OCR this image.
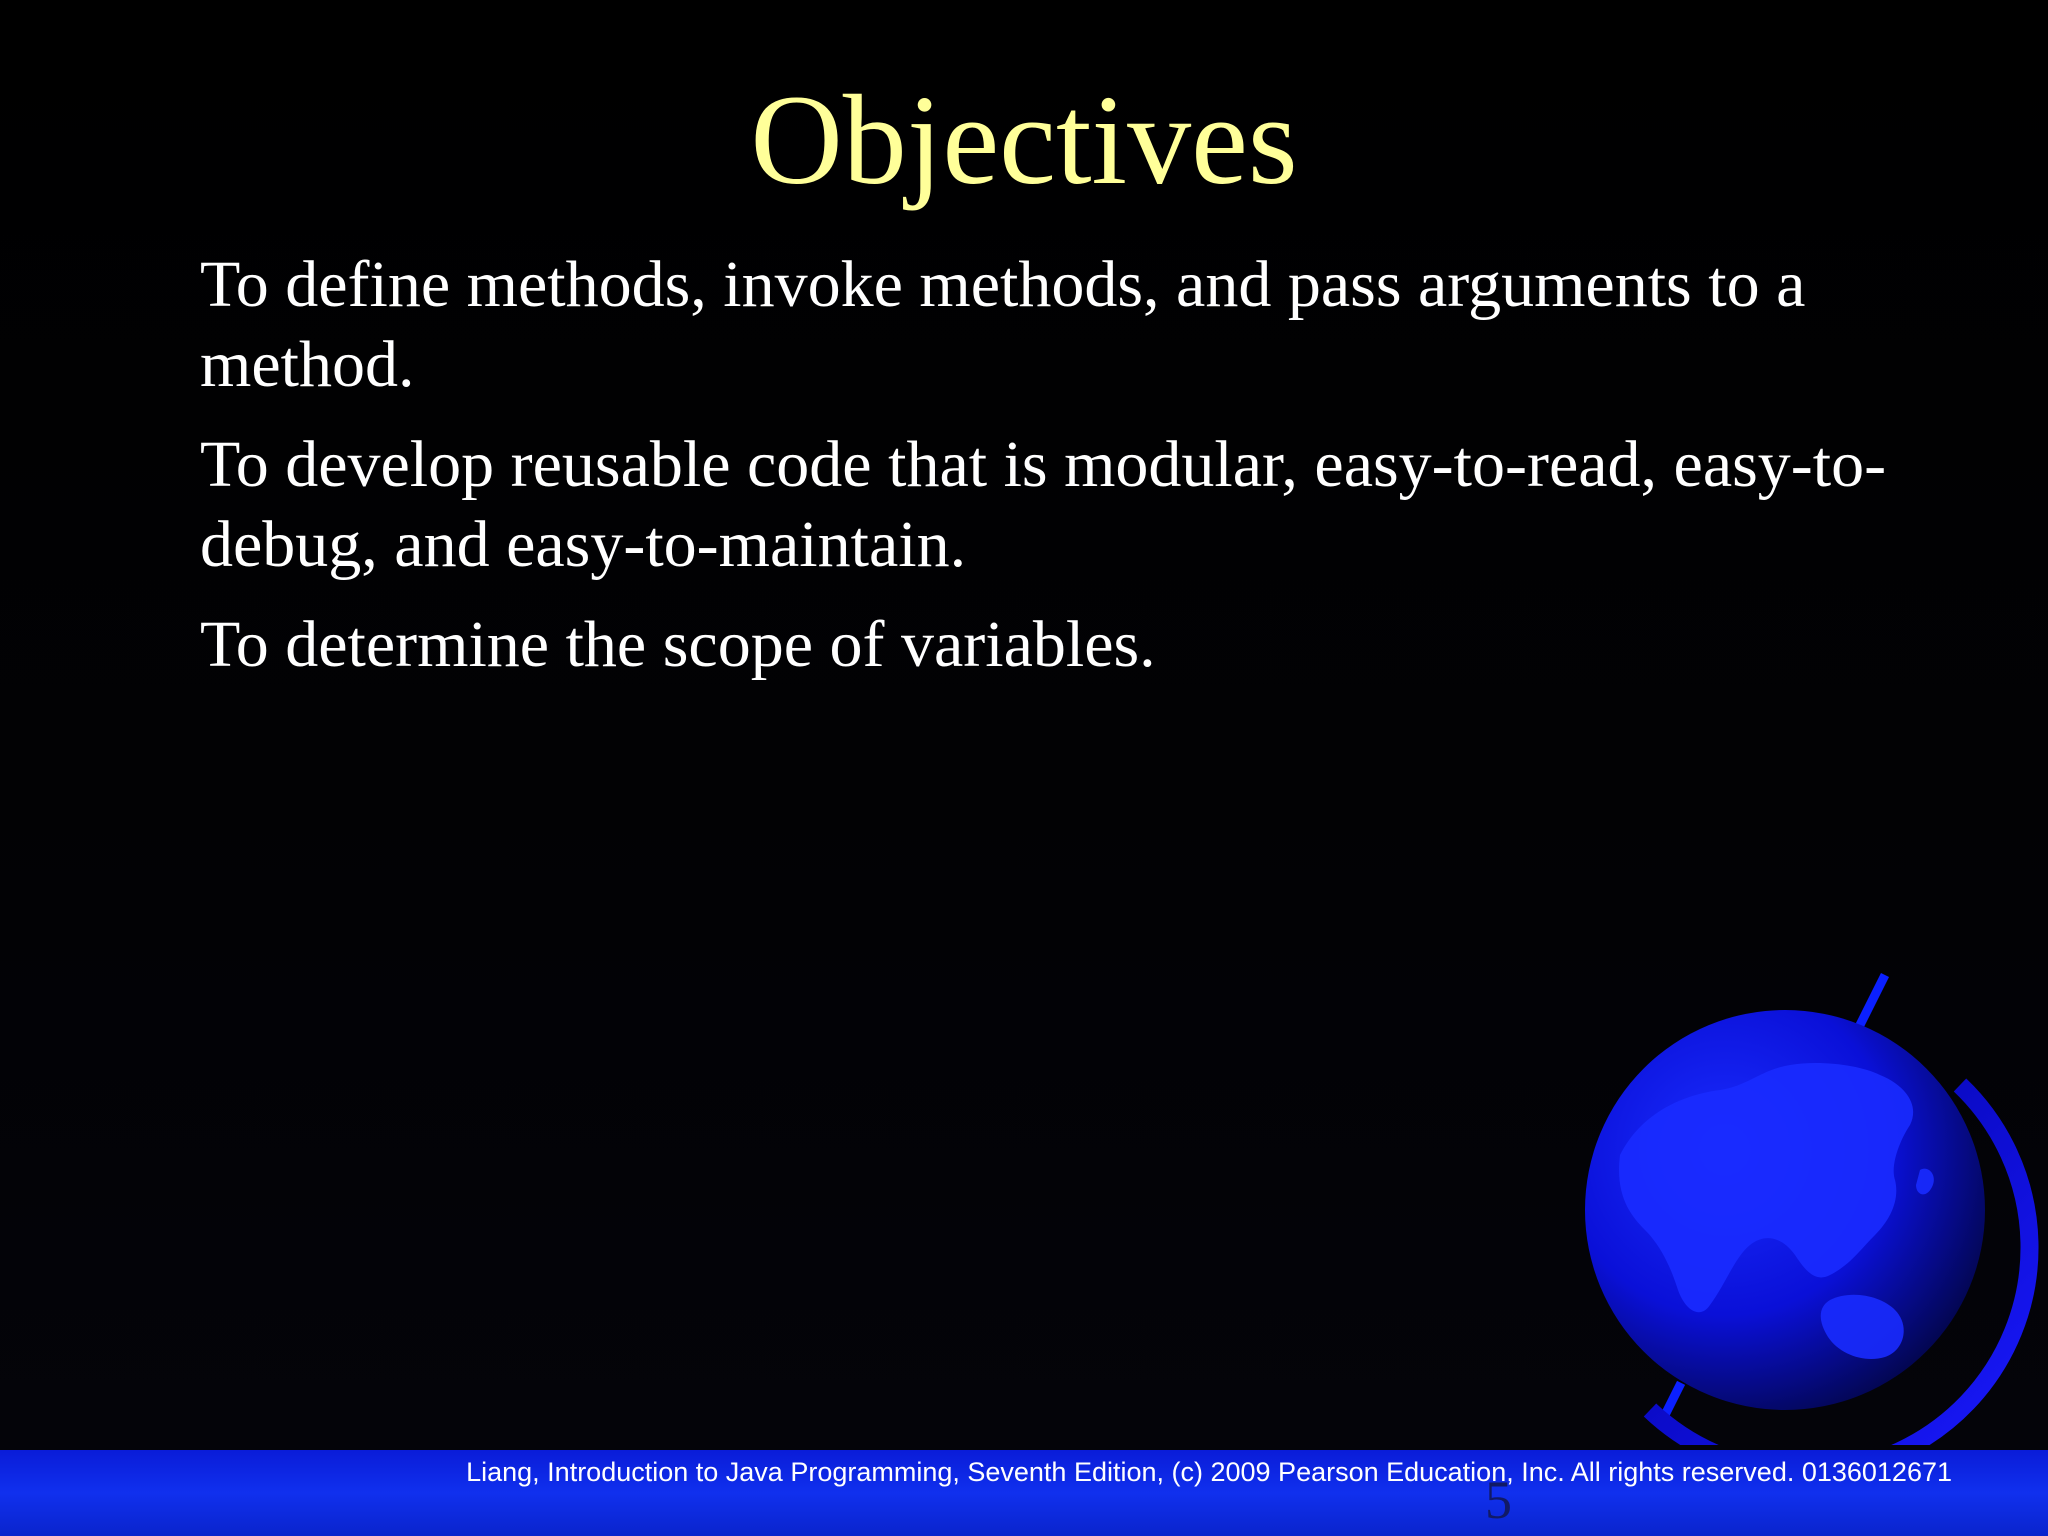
Objectives
To define methods, invoke methods, and pass arguments to a method.
To develop reusable code that is modular, easy-to-read, easy-to-debug, and easy-to-maintain.
To determine the scope of variables.
5
Liang, Introduction to Java Programming, Seventh Edition, (c) 2009 Pearson Education, Inc. All rights reserved. 0136012671
